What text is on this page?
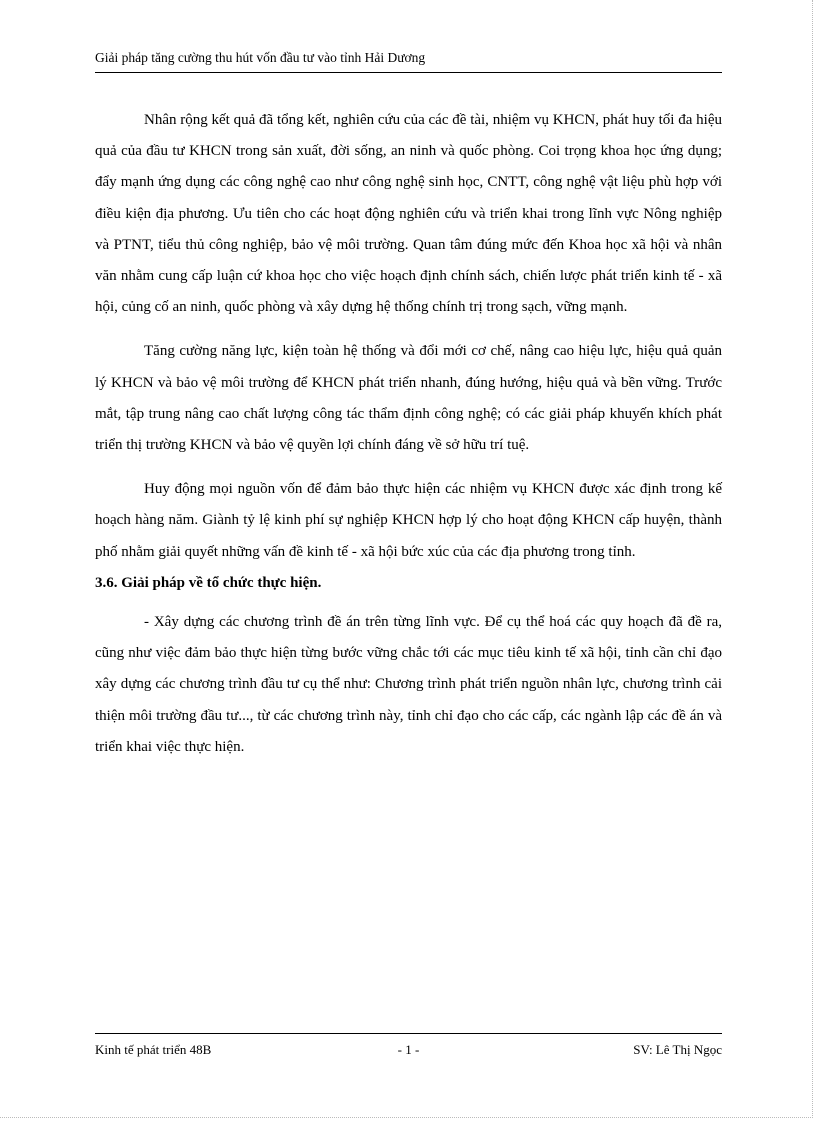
Giải pháp tăng cường thu hút vốn đầu tư vào tỉnh Hải Dương

Nhân rộng kết quả đã tổng kết, nghiên cứu của các đề tài, nhiệm vụ KHCN, phát huy tối đa hiệu quả của đầu tư KHCN trong sản xuất, đời sống, an ninh và quốc phòng. Coi trọng khoa học ứng dụng; đẩy mạnh ứng dụng các công nghệ cao như công nghệ sinh học, CNTT, công nghệ vật liệu phù hợp với điều kiện địa phương. Ưu tiên cho các hoạt động nghiên cứu và triển khai trong lĩnh vực Nông nghiệp và PTNT, tiểu thủ công nghiệp, bảo vệ môi trường. Quan tâm đúng mức đến Khoa học xã hội và nhân văn nhằm cung cấp luận cứ khoa học cho việc hoạch định chính sách, chiến lược phát triển kinh tế - xã hội, củng cố an ninh, quốc phòng và xây dựng hệ thống chính trị trong sạch, vững mạnh.

Tăng cường năng lực, kiện toàn hệ thống và đổi mới cơ chế, nâng cao hiệu lực, hiệu quả quản lý KHCN và bảo vệ môi trường để KHCN phát triển nhanh, đúng hướng, hiệu quả và bền vững. Trước mắt, tập trung nâng cao chất lượng công tác thẩm định công nghệ; có các giải pháp khuyến khích phát triển thị trường KHCN và bảo vệ quyền lợi chính đáng về sở hữu trí tuệ.

Huy động mọi nguồn vốn để đảm bảo thực hiện các nhiệm vụ KHCN được xác định trong kế hoạch hàng năm. Giành tỷ lệ kinh phí sự nghiệp KHCN hợp lý cho hoạt động KHCN cấp huyện, thành phố nhằm giải quyết những vấn đề kinh tế - xã hội bức xúc của các địa phương trong tỉnh.

3.6. Giải pháp về tổ chức thực hiện.

- Xây dựng các chương trình đề án trên từng lĩnh vực. Để cụ thể hoá các quy hoạch đã đề ra, cũng như việc đảm bảo thực hiện từng bước vững chắc tới các mục tiêu kinh tế xã hội, tỉnh cần chỉ đạo xây dựng các chương trình đầu tư cụ thể như: Chương trình phát triển nguồn nhân lực, chương trình cải thiện môi trường đầu tư..., từ các chương trình này, tỉnh chỉ đạo cho các cấp, các ngành lập các đề án và triển khai việc thực hiện.

Kinh tế phát triển 48B	- 1 -	SV: Lê Thị Ngọc
